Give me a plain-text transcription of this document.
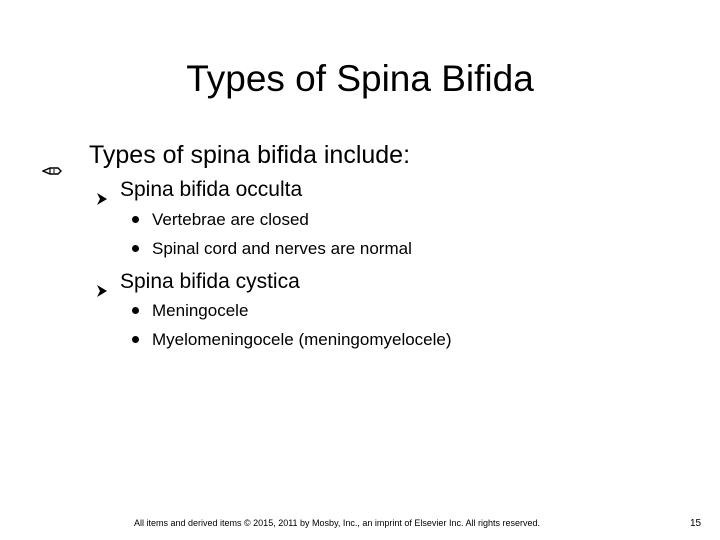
Types of Spina Bifida
Types of spina bifida include:
Spina bifida occulta
Vertebrae are closed
Spinal cord and nerves are normal
Spina bifida cystica
Meningocele
Myelomeningocele (meningomyelocele)
All items and derived items © 2015, 2011 by Mosby, Inc., an imprint of Elsevier Inc. All rights reserved.	15
